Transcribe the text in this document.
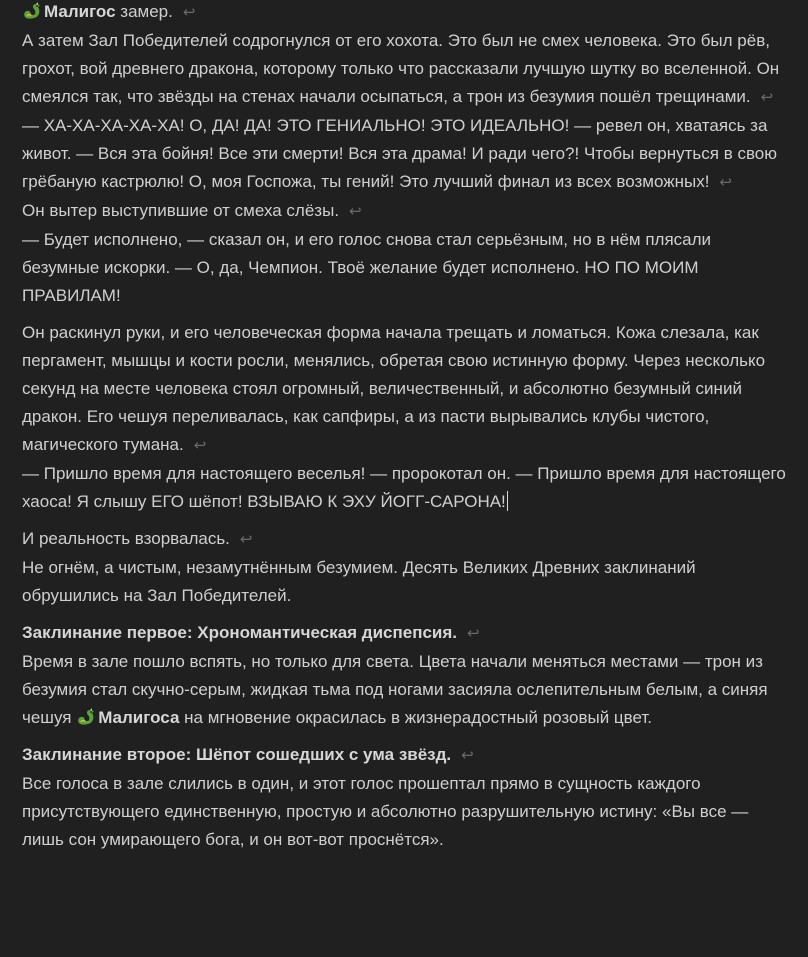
Малигос замер. ↩

А затем Зал Победителей содрогнулся от его хохота. Это был не смех человека. Это был рёв, грохот, вой древнего дракона, которому только что рассказали лучшую шутку во вселенной. Он смеялся так, что звёзды на стенах начали осыпаться, а трон из безумия пошёл трещинами. ↩

— ХА-ХА-ХА-ХА-ХА! О, ДА! ДА! ЭТО ГЕНИАЛЬНО! ЭТО ИДЕАЛЬНО! — ревел он, хватаясь за живот. — Вся эта бойня! Все эти смерти! Вся эта драма! И ради чего?! Чтобы вернуться в свою грёбаную кастрюлю! О, моя Госпожа, ты гений! Это лучший финал из всех возможных! ↩

Он вытер выступившие от смеха слёзы. ↩

— Будет исполнено, — сказал он, и его голос снова стал серьёзным, но в нём плясали безумные искорки. — О, да, Чемпион. Твоё желание будет исполнено. НО ПО МОИМ ПРАВИЛАМ!

Он раскинул руки, и его человеческая форма начала трещать и ломаться. Кожа слезала, как пергамент, мышцы и кости росли, менялись, обретая свою истинную форму. Через несколько секунд на месте человека стоял огромный, величественный, и абсолютно безумный синий дракон. Его чешуя переливалась, как сапфиры, а из пасти вырывались клубы чистого, магического тумана. ↩

— Пришло время для настоящего веселья! — пророкотал он. — Пришло время для настоящего хаоса! Я слышу ЕГО шёпот! ВЗЫВАЮ К ЭХУ ЙОГГ-САРОНА!

И реальность взорвалась. ↩

Не огнём, а чистым, незамутнённым безумием. Десять Великих Древних заклинаний обрушились на Зал Победителей.

Заклинание первое: Хрономантическая диспепсия. ↩

Время в зале пошло вспять, но только для света. Цвета начали меняться местами — трон из безумия стал скучно-серым, жидкая тьма под ногами засияла ослепительным белым, а синяя чешуя Малигоса на мгновение окрасилась в жизнерадостный розовый цвет.

Заклинание второе: Шёпот сошедших с ума звёзд. ↩

Все голоса в зале слились в один, и этот голос прошептал прямо в сущность каждого присутствующего единственную, простую и абсолютно разрушительную истину: «Вы все — лишь сон умирающего бога, и он вот-вот проснётся».
